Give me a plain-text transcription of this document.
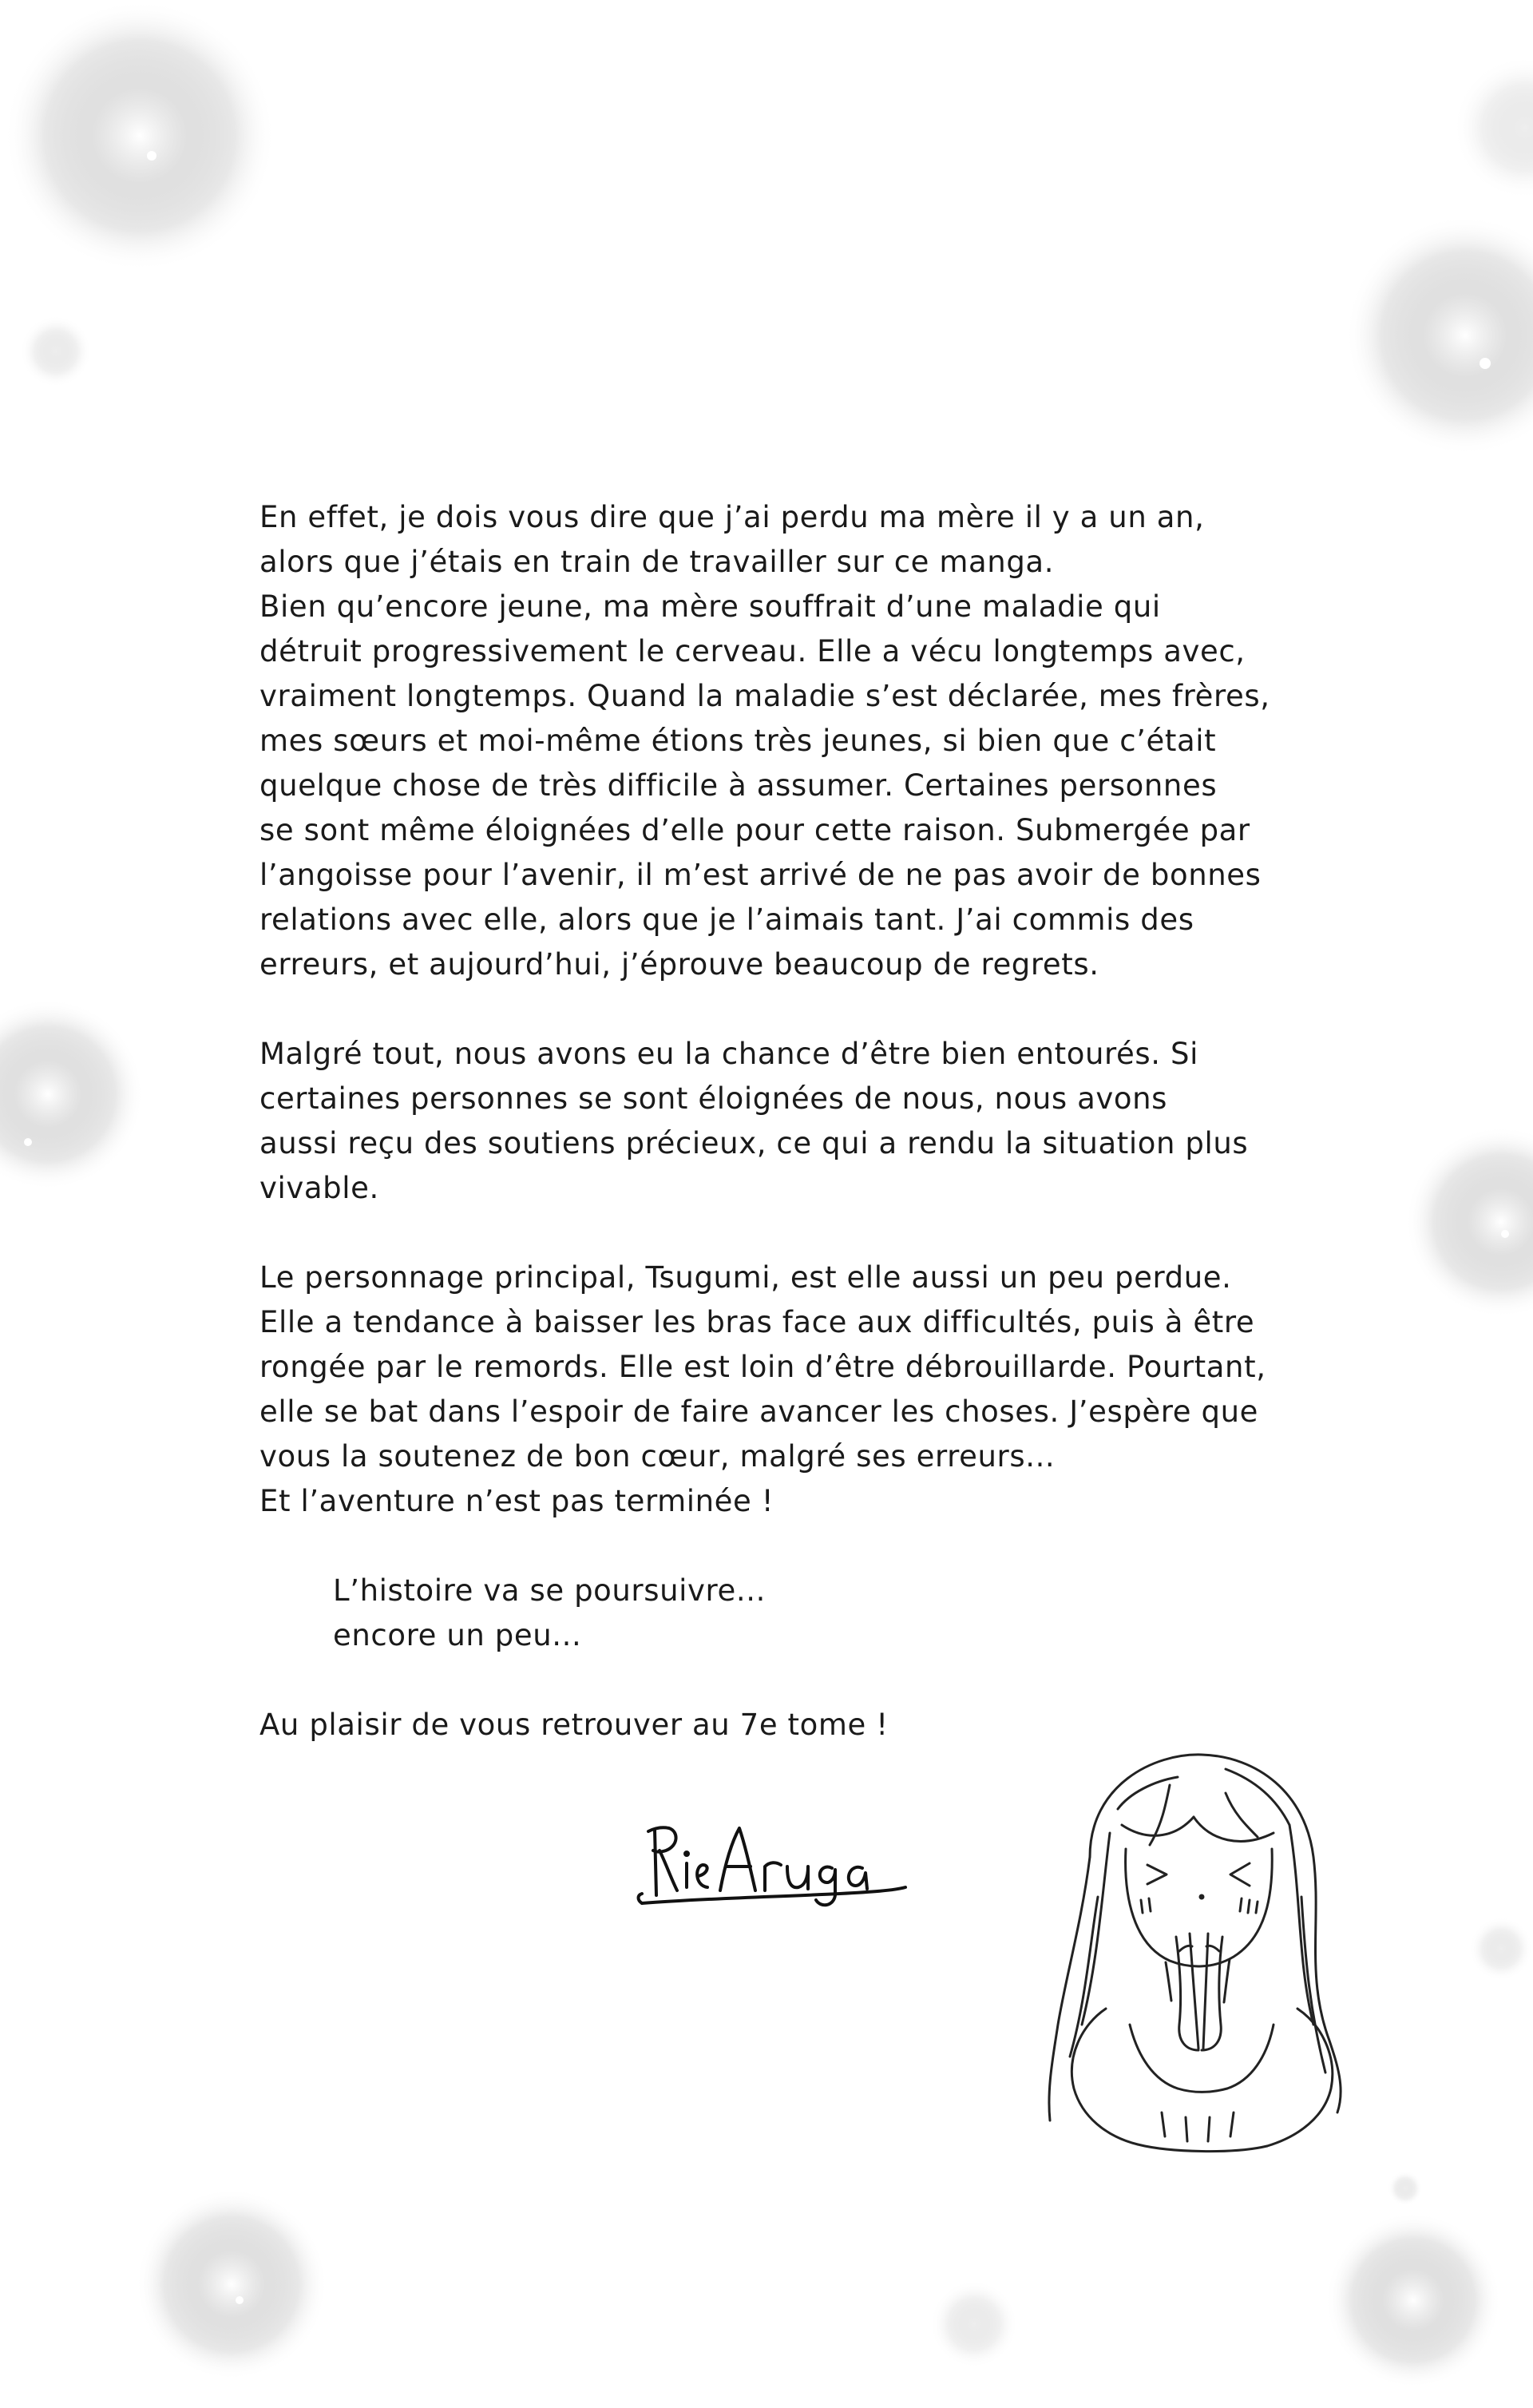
En effet, je dois vous dire que j’ai perdu ma mère il y a un an,
alors que j’étais en train de travailler sur ce manga.
Bien qu’encore jeune, ma mère souffrait d’une maladie qui
détruit progressivement le cerveau. Elle a vécu longtemps avec,
vraiment longtemps. Quand la maladie s’est déclarée, mes frères,
mes sœurs et moi-même étions très jeunes, si bien que c’était
quelque chose de très difficile à assumer. Certaines personnes
se sont même éloignées d’elle pour cette raison. Submergée par
l’angoisse pour l’avenir, il m’est arrivé de ne pas avoir de bonnes
relations avec elle, alors que je l’aimais tant. J’ai commis des
erreurs, et aujourd’hui, j’éprouve beaucoup de regrets.
Malgré tout, nous avons eu la chance d’être bien entourés. Si
certaines personnes se sont éloignées de nous, nous avons
aussi reçu des soutiens précieux, ce qui a rendu la situation plus
vivable.
Le personnage principal, Tsugumi, est elle aussi un peu perdue.
Elle a tendance à baisser les bras face aux difficultés, puis à être
rongée par le remords. Elle est loin d’être débrouillarde. Pourtant,
elle se bat dans l’espoir de faire avancer les choses. J’espère que
vous la soutenez de bon cœur, malgré ses erreurs...
Et l’aventure n’est pas terminée !
L’histoire va se poursuivre...
encore un peu...
Au plaisir de vous retrouver au 7e tome !
